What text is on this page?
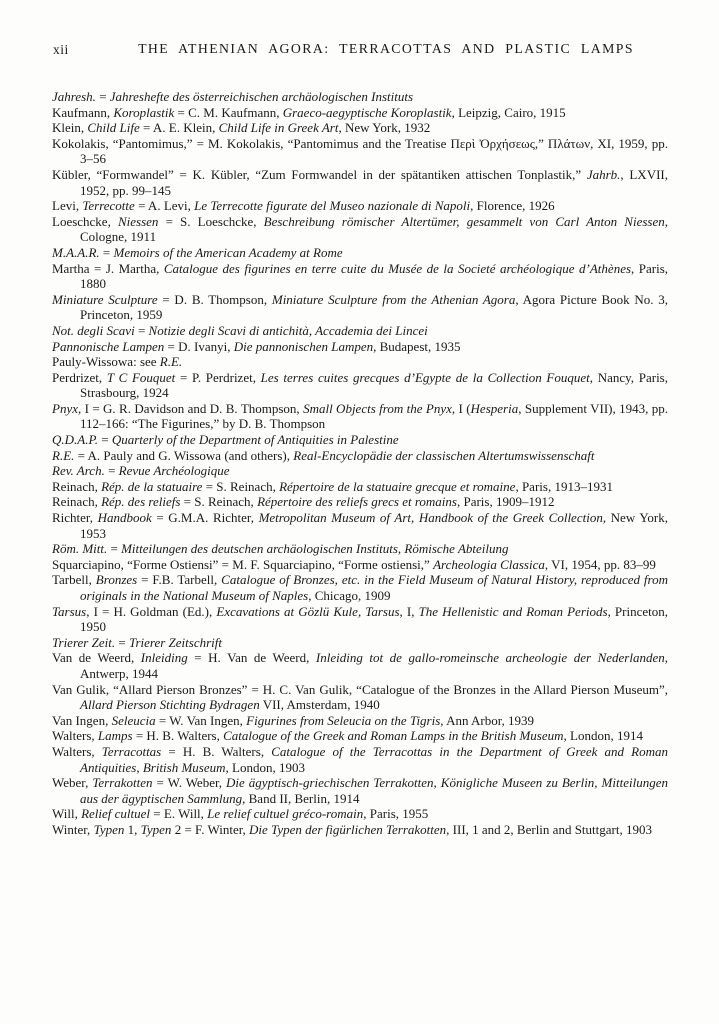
xii	THE ATHENIAN AGORA: TERRACOTTAS AND PLASTIC LAMPS

Jahresh. = Jahreshefte des österreichischen archäologischen Instituts

Kaufmann, Koroplastik = C. M. Kaufmann, Graeco-aegyptische Koroplastik, Leipzig, Cairo, 1915

Klein, Child Life = A. E. Klein, Child Life in Greek Art, New York, 1932

Kokolakis, “Pantomimus,” = M. Kokolakis, “Pantomimus and the Treatise Περὶ Ὀρχήσεως,” Πλάτων, XI, 1959, pp. 3–56

Kübler, “Formwandel” = K. Kübler, “Zum Formwandel in der spätantiken attischen Tonplastik,” Jahrb., LXVII, 1952, pp. 99–145

Levi, Terrecotte = A. Levi, Le Terrecotte figurate del Museo nazionale di Napoli, Florence, 1926

Loeschcke, Niessen = S. Loeschcke, Beschreibung römischer Altertümer, gesammelt von Carl Anton Niessen, Cologne, 1911

M.A.A.R. = Memoirs of the American Academy at Rome

Martha = J. Martha, Catalogue des figurines en terre cuite du Musée de la Societé archéologique d’Athènes, Paris, 1880

Miniature Sculpture = D. B. Thompson, Miniature Sculpture from the Athenian Agora, Agora Picture Book No. 3, Princeton, 1959

Not. degli Scavi = Notizie degli Scavi di antichità, Accademia dei Lincei

Pannonische Lampen = D. Ivanyi, Die pannonischen Lampen, Budapest, 1935

Pauly-Wissowa: see R.E.

Perdrizet, T C Fouquet = P. Perdrizet, Les terres cuites grecques d’Egypte de la Collection Fouquet, Nancy, Paris, Strasbourg, 1924

Pnyx, I = G. R. Davidson and D. B. Thompson, Small Objects from the Pnyx, I (Hesperia, Supplement VII), 1943, pp. 112–166: “The Figurines,” by D. B. Thompson

Q.D.A.P. = Quarterly of the Department of Antiquities in Palestine

R.E. = A. Pauly and G. Wissowa (and others), Real-Encyclopädie der classischen Altertumswissenschaft

Rev. Arch. = Revue Archéologique

Reinach, Rép. de la statuaire = S. Reinach, Répertoire de la statuaire grecque et romaine, Paris, 1913–1931

Reinach, Rép. des reliefs = S. Reinach, Répertoire des reliefs grecs et romains, Paris, 1909–1912

Richter, Handbook = G.M.A. Richter, Metropolitan Museum of Art, Handbook of the Greek Collection, New York, 1953

Röm. Mitt. = Mitteilungen des deutschen archäologischen Instituts, Römische Abteilung

Squarciapino, “Forme Ostiensi” = M. F. Squarciapino, “Forme ostiensi,” Archeologia Classica, VI, 1954, pp. 83–99

Tarbell, Bronzes = F.B. Tarbell, Catalogue of Bronzes, etc. in the Field Museum of Natural History, reproduced from originals in the National Museum of Naples, Chicago, 1909

Tarsus, I = H. Goldman (Ed.), Excavations at Gözlü Kule, Tarsus, I, The Hellenistic and Roman Periods, Princeton, 1950

Trierer Zeit. = Trierer Zeitschrift

Van de Weerd, Inleiding = H. Van de Weerd, Inleiding tot de gallo-romeinsche archeologie der Nederlanden, Antwerp, 1944

Van Gulik, “Allard Pierson Bronzes” = H. C. Van Gulik, “Catalogue of the Bronzes in the Allard Pierson Museum”, Allard Pierson Stichting Bydragen VII, Amsterdam, 1940

Van Ingen, Seleucia = W. Van Ingen, Figurines from Seleucia on the Tigris, Ann Arbor, 1939

Walters, Lamps = H. B. Walters, Catalogue of the Greek and Roman Lamps in the British Museum, London, 1914

Walters, Terracottas = H. B. Walters, Catalogue of the Terracottas in the Department of Greek and Roman Antiquities, British Museum, London, 1903

Weber, Terrakotten = W. Weber, Die ägyptisch-griechischen Terrakotten, Königliche Museen zu Berlin, Mitteilungen aus der ägyptischen Sammlung, Band II, Berlin, 1914

Will, Relief cultuel = E. Will, Le relief cultuel gréco-romain, Paris, 1955

Winter, Typen 1, Typen 2 = F. Winter, Die Typen der figürlichen Terrakotten, III, 1 and 2, Berlin and Stuttgart, 1903
